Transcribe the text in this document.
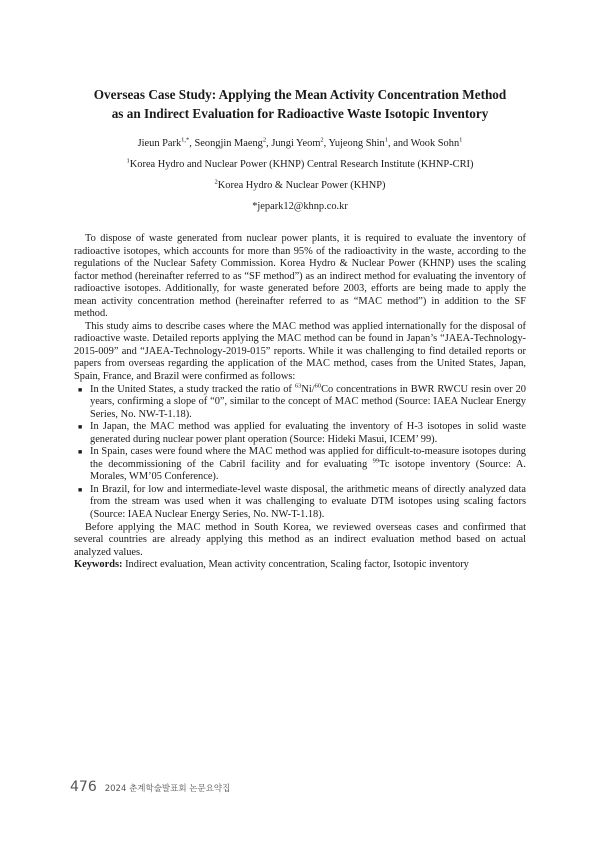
Overseas Case Study: Applying the Mean Activity Concentration Method
as an Indirect Evaluation for Radioactive Waste Isotopic Inventory
Jieun Park$^{1,*}$, Seongjin Maeng$^2$, Jungi Yeom$^2$, Yujeong Shin$^1$, and Wook Sohn$^1$
$^1$Korea Hydro and Nuclear Power (KHNP) Central Research Institute (KHNP-CRI)
$^2$Korea Hydro & Nuclear Power (KHNP)
*jepark12@khnp.co.kr

To dispose of waste generated from nuclear power plants, it is required to evaluate the inventory of radioactive isotopes, which accounts for more than 95% of the radioactivity in the waste, according to the regulations of the Nuclear Safety Commission. Korea Hydro & Nuclear Power (KHNP) uses the scaling factor method (hereinafter referred to as “SF method”) as an indirect method for evaluating the inventory of radioactive isotopes. Additionally, for waste generated before 2003, efforts are being made to apply the mean activity concentration method (hereinafter referred to as “MAC method”) in addition to the SF method.

This study aims to describe cases where the MAC method was applied internationally for the disposal of radioactive waste. Detailed reports applying the MAC method can be found in Japan’s “JAEA-Technology-2015-009” and “JAEA-Technology-2019-015” reports. While it was challenging to find detailed reports or papers from overseas regarding the application of the MAC method, cases from the United States, Japan, Spain, France, and Brazil were confirmed as follows:

■ In the United States, a study tracked the ratio of $^{63}$Ni/$^{60}$Co concentrations in BWR RWCU resin over 20 years, confirming a slope of “0”, similar to the concept of MAC method (Source: IAEA Nuclear Energy Series, No. NW-T-1.18).
■ In Japan, the MAC method was applied for evaluating the inventory of H-3 isotopes in solid waste generated during nuclear power plant operation (Source: Hideki Masui, ICEM’ 99).
■ In Spain, cases were found where the MAC method was applied for difficult-to-measure isotopes during the decommissioning of the Cabril facility and for evaluating $^{99}$Tc isotope inventory (Source: A. Morales, WM’05 Conference).
■ In Brazil, for low and intermediate-level waste disposal, the arithmetic means of directly analyzed data from the stream was used when it was challenging to evaluate DTM isotopes using scaling factors (Source: IAEA Nuclear Energy Series, No. NW-T-1.18).

Before applying the MAC method in South Korea, we reviewed overseas cases and confirmed that several countries are already applying this method as an indirect evaluation method based on actual analyzed values.

Keywords: Indirect evaluation, Mean activity concentration, Scaling factor, Isotopic inventory

476 2024 춘계학술발표회 논문요약집
